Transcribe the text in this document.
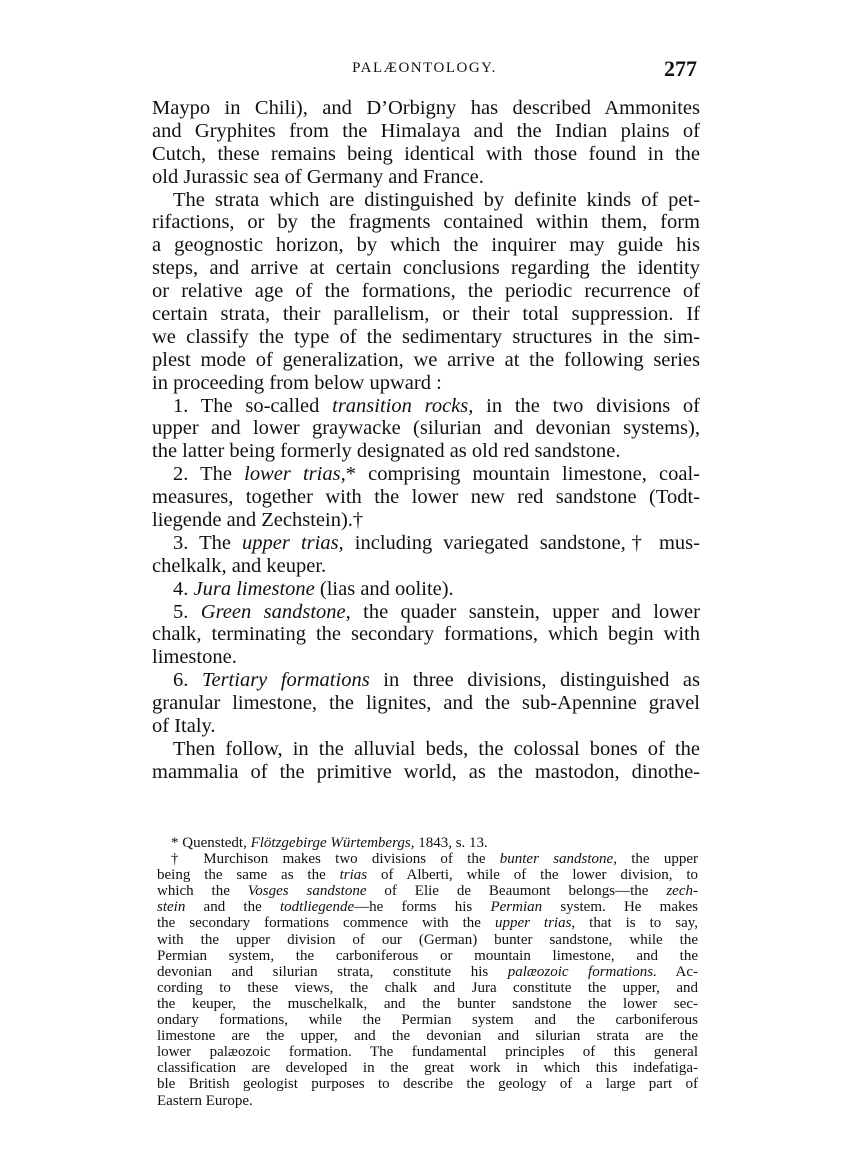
PALÆONTOLOGY.	277
Maypo in Chili), and D’Orbigny has described Ammonites
and Gryphites from the Himalaya and the Indian plains of
Cutch, these remains being identical with those found in the
old Jurassic sea of Germany and France.
The strata which are distinguished by definite kinds of pet-
rifactions, or by the fragments contained within them, form
a geognostic horizon, by which the inquirer may guide his
steps, and arrive at certain conclusions regarding the identity
or relative age of the formations, the periodic recurrence of
certain strata, their parallelism, or their total suppression. If
we classify the type of the sedimentary structures in the sim-
plest mode of generalization, we arrive at the following series
in proceeding from below upward :
1. The so-called transition rocks, in the two divisions of
upper and lower graywacke (silurian and devonian systems),
the latter being formerly designated as old red sandstone.
2. The lower trias,* comprising mountain limestone, coal-
measures, together with the lower new red sandstone (Todt-
liegende and Zechstein).†
3. The upper trias, including variegated sandstone,† mus-
chelkalk, and keuper.
4. Jura limestone (lias and oolite).
5. Green sandstone, the quader sanstein, upper and lower
chalk, terminating the secondary formations, which begin with
limestone.
6. Tertiary formations in three divisions, distinguished as
granular limestone, the lignites, and the sub-Apennine gravel
of Italy.
Then follow, in the alluvial beds, the colossal bones of the
mammalia of the primitive world, as the mastodon, dinothe-
* Quenstedt, Flötzgebirge Würtembergs, 1843, s. 13.
† Murchison makes two divisions of the bunter sandstone, the upper
being the same as the trias of Alberti, while of the lower division, to
which the Vosges sandstone of Elie de Beaumont belongs—the zech-
stein and the todtliegende—he forms his Permian system. He makes
the secondary formations commence with the upper trias, that is to say,
with the upper division of our (German) bunter sandstone, while the
Permian system, the carboniferous or mountain limestone, and the
devonian and silurian strata, constitute his palæozoic formations. Ac-
cording to these views, the chalk and Jura constitute the upper, and
the keuper, the muschelkalk, and the bunter sandstone the lower sec-
ondary formations, while the Permian system and the carboniferous
limestone are the upper, and the devonian and silurian strata are the
lower palæozoic formation. The fundamental principles of this general
classification are developed in the great work in which this indefatiga-
ble British geologist purposes to describe the geology of a large part of
Eastern Europe.
